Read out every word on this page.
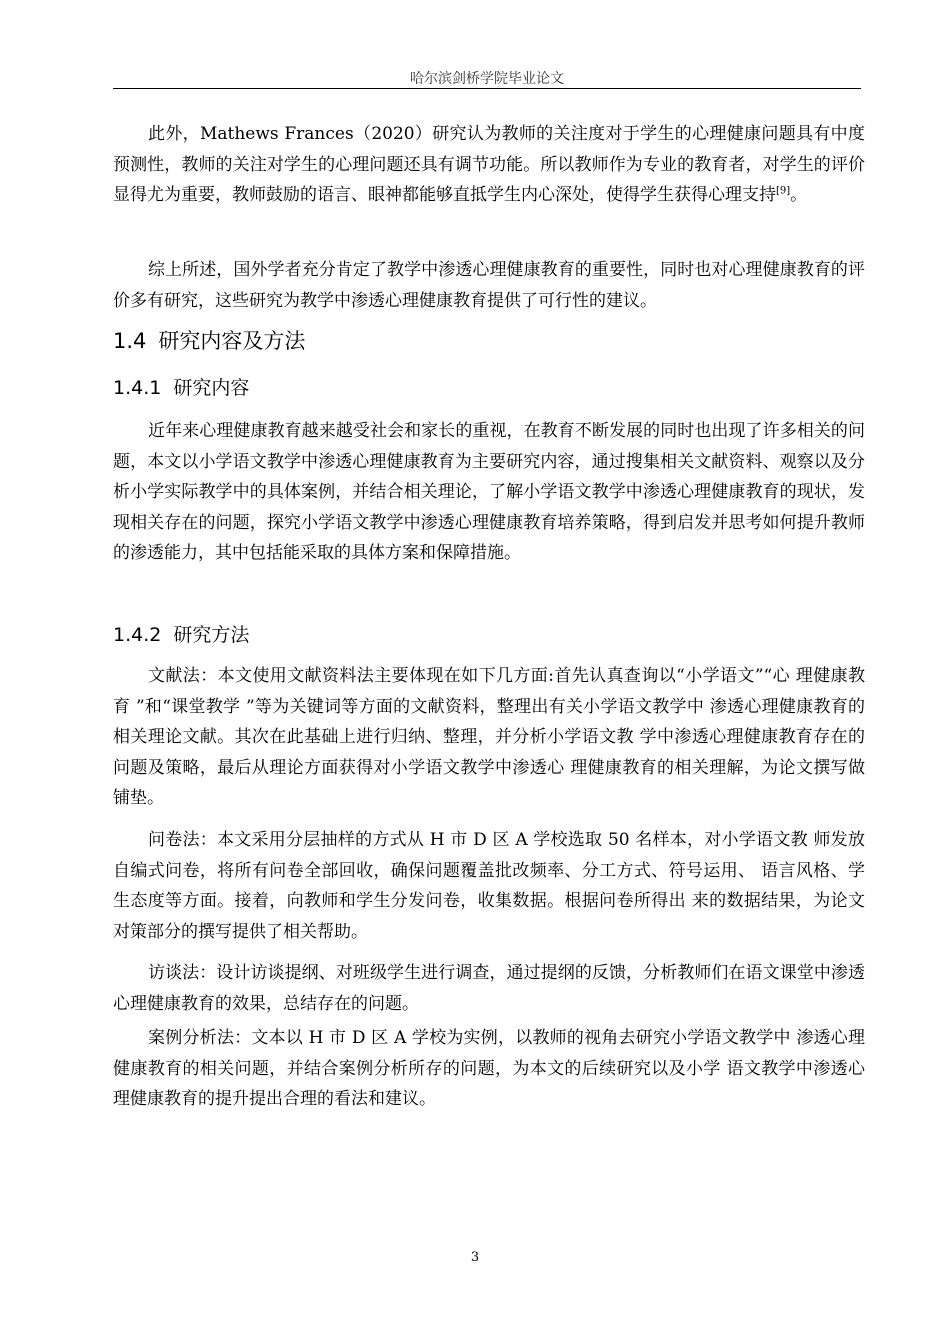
哈尔滨剑桥学院毕业论文

此外，Mathews Frances（2020）研究认为教师的关注度对于学生的心理健康问题具有中度预测性，教师的关注对学生的心理问题还具有调节功能。所以教师作为专业的教育者，对学生的评价显得尤为重要，教师鼓励的语言、眼神都能够直抵学生内心深处，使得学生获得心理支持[9]。

综上所述，国外学者充分肯定了教学中渗透心理健康教育的重要性，同时也对心理健康教育的评价多有研究，这些研究为教学中渗透心理健康教育提供了可行性的建议。

1.4 研究内容及方法
1.4.1 研究内容

近年来心理健康教育越来越受社会和家长的重视，在教育不断发展的同时也出现了许多相关的问题，本文以小学语文教学中渗透心理健康教育为主要研究内容，通过搜集相关文献资料、观察以及分析小学实际教学中的具体案例，并结合相关理论，了解小学语文教学中渗透心理健康教育的现状，发现相关存在的问题，探究小学语文教学中渗透心理健康教育培养策略，得到启发并思考如何提升教师的渗透能力，其中包括能采取的具体方案和保障措施。

1.4.2 研究方法

文献法：本文使用文献资料法主要体现在如下几方面:首先认真查询以“小学语文”“心 理健康教育 ”和“课堂教学 ”等为关键词等方面的文献资料，整理出有关小学语文教学中 渗透心理健康教育的相关理论文献。其次在此基础上进行归纳、整理，并分析小学语文教 学中渗透心理健康教育存在的问题及策略，最后从理论方面获得对小学语文教学中渗透心 理健康教育的相关理解，为论文撰写做铺垫。

问卷法：本文采用分层抽样的方式从 H 市 D 区 A 学校选取 50 名样本，对小学语文教 师发放自编式问卷，将所有问卷全部回收，确保问题覆盖批改频率、分工方式、符号运用、 语言风格、学生态度等方面。接着，向教师和学生分发问卷，收集数据。根据问卷所得出 来的数据结果，为论文对策部分的撰写提供了相关帮助。

访谈法：设计访谈提纲、对班级学生进行调查，通过提纲的反馈，分析教师们在语文课堂中渗透心理健康教育的效果，总结存在的问题。

案例分析法：文本以 H 市 D 区 A 学校为实例，以教师的视角去研究小学语文教学中 渗透心理健康教育的相关问题，并结合案例分析所存的问题，为本文的后续研究以及小学 语文教学中渗透心理健康教育的提升提出合理的看法和建议。

3
